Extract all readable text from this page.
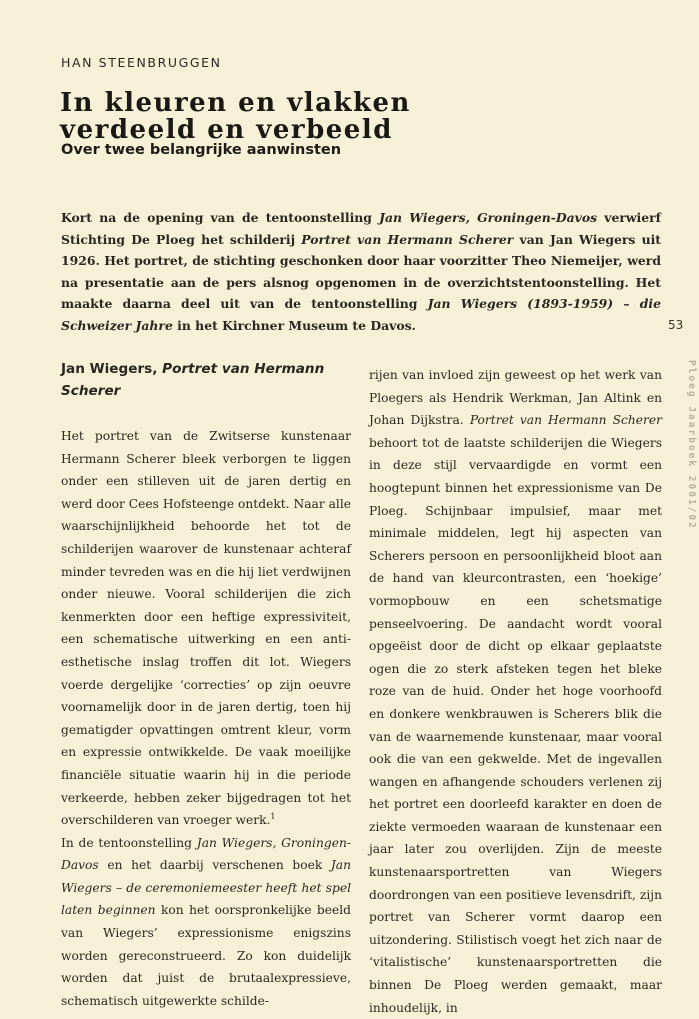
HAN STEENBRUGGEN
In kleuren en vlakken
verdeeld en verbeeld
Over twee belangrijke aanwinsten
Kort na de opening van de tentoonstelling Jan Wiegers, Groningen-Davos verwierf Stichting De Ploeg het schilderij Portret van Hermann Scherer van Jan Wiegers uit 1926. Het portret, de stichting geschonken door haar voorzitter Theo Niemeijer, werd na presentatie aan de pers alsnog opgenomen in de overzichtstentoonstelling. Het maakte daarna deel uit van de tentoonstelling Jan Wiegers (1893-1959) – die Schweizer Jahre in het Kirchner Museum te Davos.	53
Ploeg Jaarboek 2001/02

Jan Wiegers, Portret van Hermann Scherer

Het portret van de Zwitserse kunstenaar Hermann Scherer bleek verborgen te liggen onder een stilleven uit de jaren dertig en werd door Cees Hofsteenge ontdekt. Naar alle waarschijnlijkheid behoorde het tot de schilderijen waarover de kunstenaar achteraf minder tevreden was en die hij liet verdwijnen onder nieuwe. Vooral schilderijen die zich kenmerkten door een heftige expressiviteit, een schematische uitwerking en een anti-esthetische inslag troffen dit lot. Wiegers voerde dergelijke ‘correcties’ op zijn oeuvre voornamelijk door in de jaren dertig, toen hij gematigder opvattingen omtrent kleur, vorm en expressie ontwikkelde. De vaak moeilijke financiële situatie waarin hij in die periode verkeerde, hebben zeker bijgedragen tot het overschilderen van vroeger werk.$^1$

In de tentoonstelling Jan Wiegers, Groningen-Davos en het daarbij verschenen boek Jan Wiegers – de ceremoniemeester heeft het spel laten beginnen kon het oorspronkelijke beeld van Wiegers’ expressionisme enigszins worden gereconstrueerd. Zo kon duidelijk worden dat juist de brutaalexpressieve, schematisch uitgewerkte schilde-

rijen van invloed zijn geweest op het werk van Ploegers als Hendrik Werkman, Jan Altink en Johan Dijkstra. Portret van Hermann Scherer behoort tot de laatste schilderijen die Wiegers in deze stijl vervaardigde en vormt een hoogtepunt binnen het expressionisme van De Ploeg. Schijnbaar impulsief, maar met minimale middelen, legt hij aspecten van Scherers persoon en persoonlijkheid bloot aan de hand van kleurcontrasten, een ‘hoekige’ vormopbouw en een schetsmatige penseelvoering. De aandacht wordt vooral opgeëist door de dicht op elkaar geplaatste ogen die zo sterk afsteken tegen het bleke roze van de huid. Onder het hoge voorhoofd en donkere wenkbrauwen is Scherers blik die van de waarnemende kunstenaar, maar vooral ook die van een gekwelde. Met de ingevallen wangen en afhangende schouders verlenen zij het portret een doorleefd karakter en doen de ziekte vermoeden waaraan de kunstenaar een jaar later zou overlijden. Zijn de meeste kunstenaarsportretten van Wiegers doordrongen van een positieve levensdrift, zijn portret van Scherer vormt daarop een uitzondering. Stilistisch voegt het zich naar de ‘vitalistische’ kunstenaarsportretten die binnen De Ploeg werden gemaakt, maar inhoudelijk, in
